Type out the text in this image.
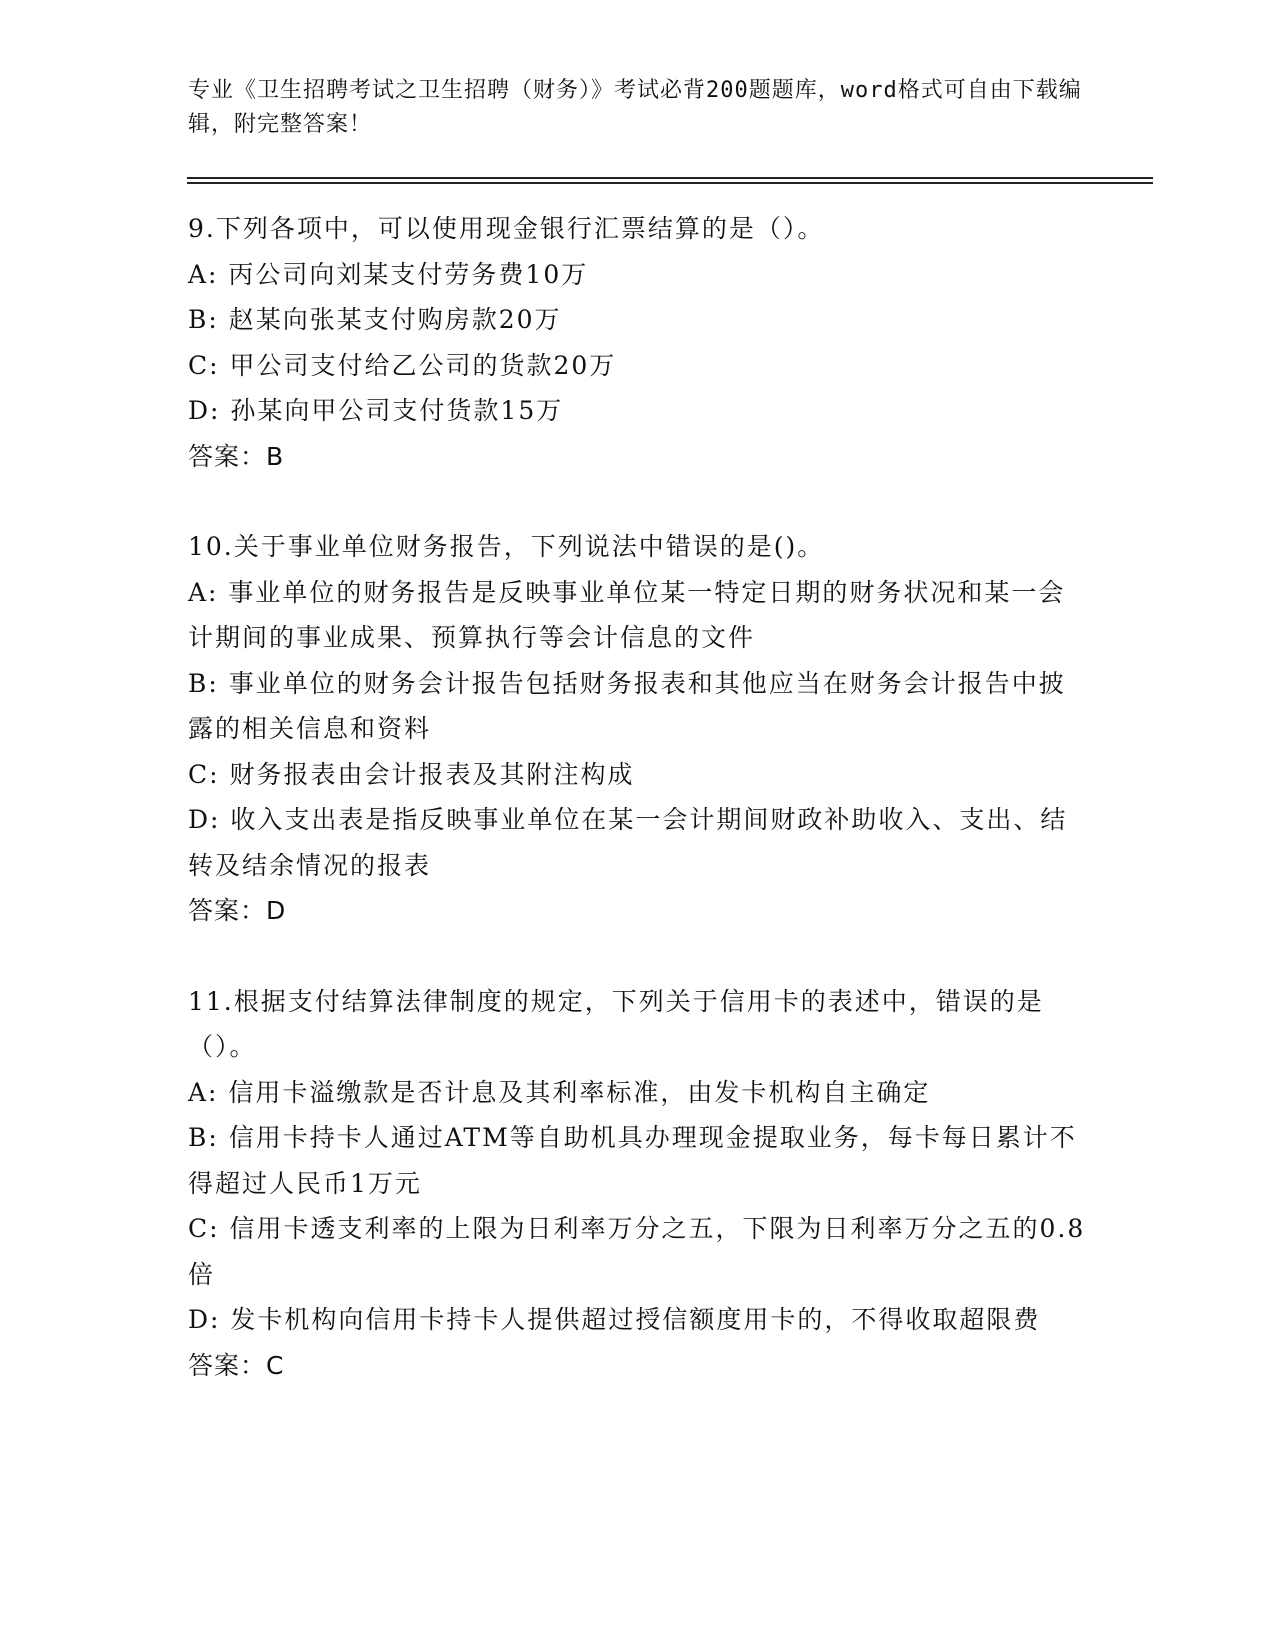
专业《卫生招聘考试之卫生招聘（财务）》考试必背200题题库，word格式可自由下载编辑，附完整答案！

9.下列各项中，可以使用现金银行汇票结算的是（）。

A: 丙公司向刘某支付劳务费10万

B: 赵某向张某支付购房款20万

C: 甲公司支付给乙公司的货款20万

D: 孙某向甲公司支付货款15万

答案：B

10.关于事业单位财务报告，下列说法中错误的是()。

A: 事业单位的财务报告是反映事业单位某一特定日期的财务状况和某一会计期间的事业成果、预算执行等会计信息的文件

B: 事业单位的财务会计报告包括财务报表和其他应当在财务会计报告中披露的相关信息和资料

C: 财务报表由会计报表及其附注构成

D: 收入支出表是指反映事业单位在某一会计期间财政补助收入、支出、结转及结余情况的报表

答案：D

11.根据支付结算法律制度的规定，下列关于信用卡的表述中，错误的是（）。

A: 信用卡溢缴款是否计息及其利率标准，由发卡机构自主确定

B: 信用卡持卡人通过ATM等自助机具办理现金提取业务，每卡每日累计不得超过人民币1万元

C: 信用卡透支利率的上限为日利率万分之五，下限为日利率万分之五的0.8倍

D: 发卡机构向信用卡持卡人提供超过授信额度用卡的，不得收取超限费

答案：C
